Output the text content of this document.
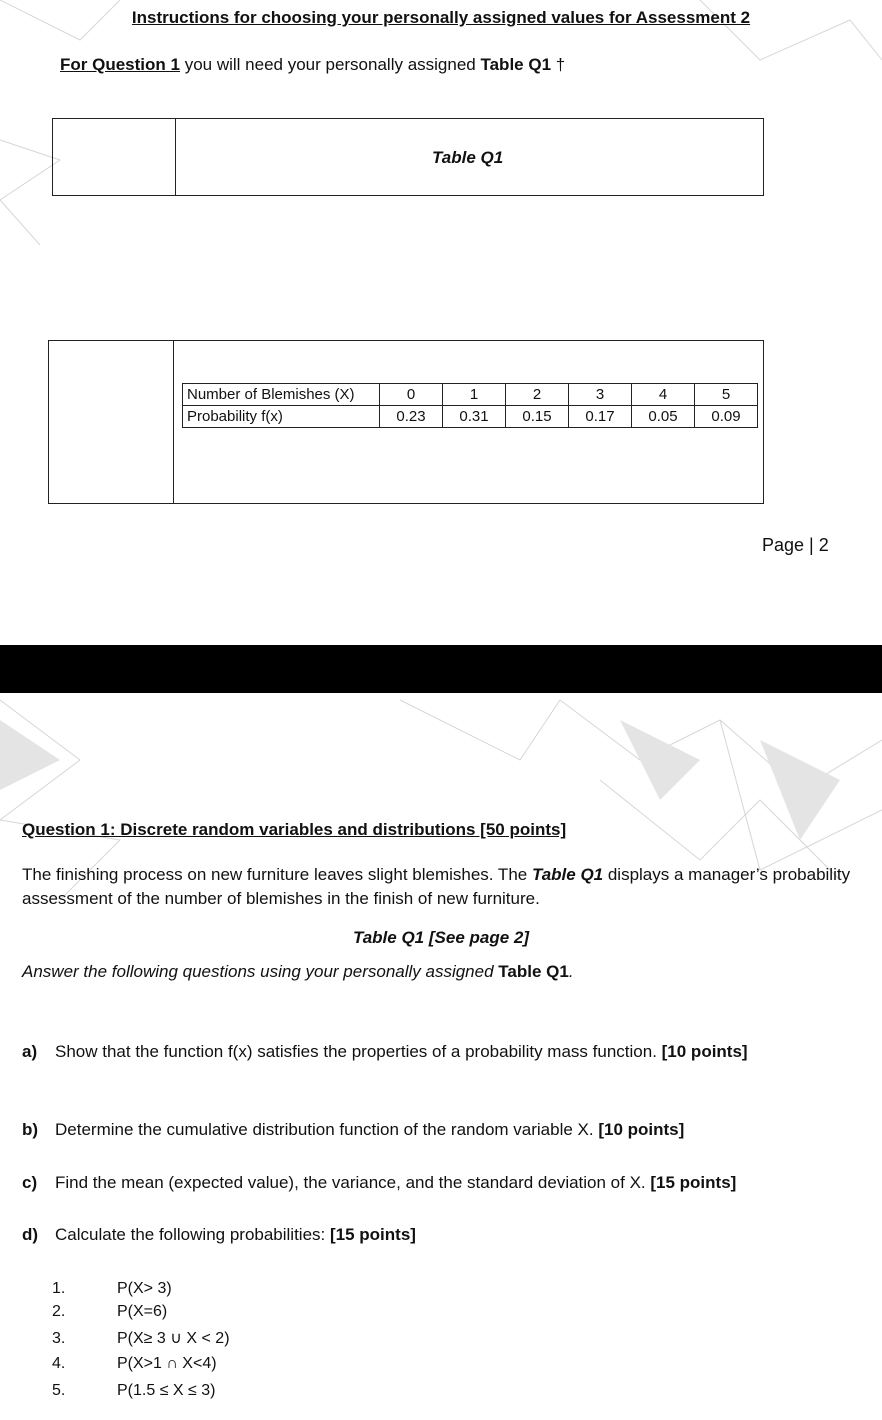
Instructions for choosing your personally assigned values for Assessment 2
For Question 1 you will need your personally assigned Table Q1 †
Table Q1
Number of Blemishes (X)	0	1	2	3	4	5
Probability f(x)	0.23	0.31	0.15	0.17	0.05	0.09
Page | 2
Question 1: Discrete random variables and distributions [50 points]
The finishing process on new furniture leaves slight blemishes. The Table Q1 displays a manager’s probability assessment of the number of blemishes in the finish of new furniture.
Table Q1 [See page 2]
Answer the following questions using your personally assigned Table Q1.
a) Show that the function f(x) satisfies the properties of a probability mass function. [10 points]
b) Determine the cumulative distribution function of the random variable X. [10 points]
c) Find the mean (expected value), the variance, and the standard deviation of X. [15 points]
d) Calculate the following probabilities: [15 points]
1.	P(X> 3)
2.	P(X=6)
3.	P(X≥ 3 ∪ X < 2)
4.	P(X>1 ∩ X<4)
5.	P(1.5 ≤ X ≤ 3)
